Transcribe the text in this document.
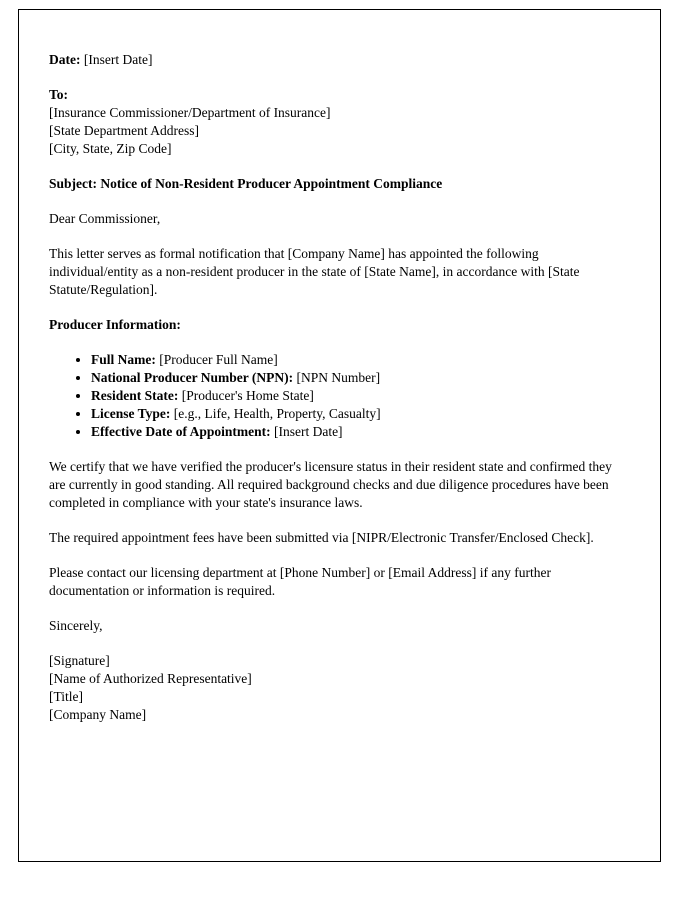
Date: [Insert Date]

To:
[Insurance Commissioner/Department of Insurance]
[State Department Address]
[City, State, Zip Code]

Subject: Notice of Non-Resident Producer Appointment Compliance

Dear Commissioner,

This letter serves as formal notification that [Company Name] has appointed the following individual/entity as a non-resident producer in the state of [State Name], in accordance with [State Statute/Regulation].

Producer Information:

• Full Name: [Producer Full Name]
• National Producer Number (NPN): [NPN Number]
• Resident State: [Producer's Home State]
• License Type: [e.g., Life, Health, Property, Casualty]
• Effective Date of Appointment: [Insert Date]

We certify that we have verified the producer's licensure status in their resident state and confirmed they are currently in good standing. All required background checks and due diligence procedures have been completed in compliance with your state's insurance laws.

The required appointment fees have been submitted via [NIPR/Electronic Transfer/Enclosed Check].

Please contact our licensing department at [Phone Number] or [Email Address] if any further documentation or information is required.

Sincerely,

[Signature]
[Name of Authorized Representative]
[Title]
[Company Name]
